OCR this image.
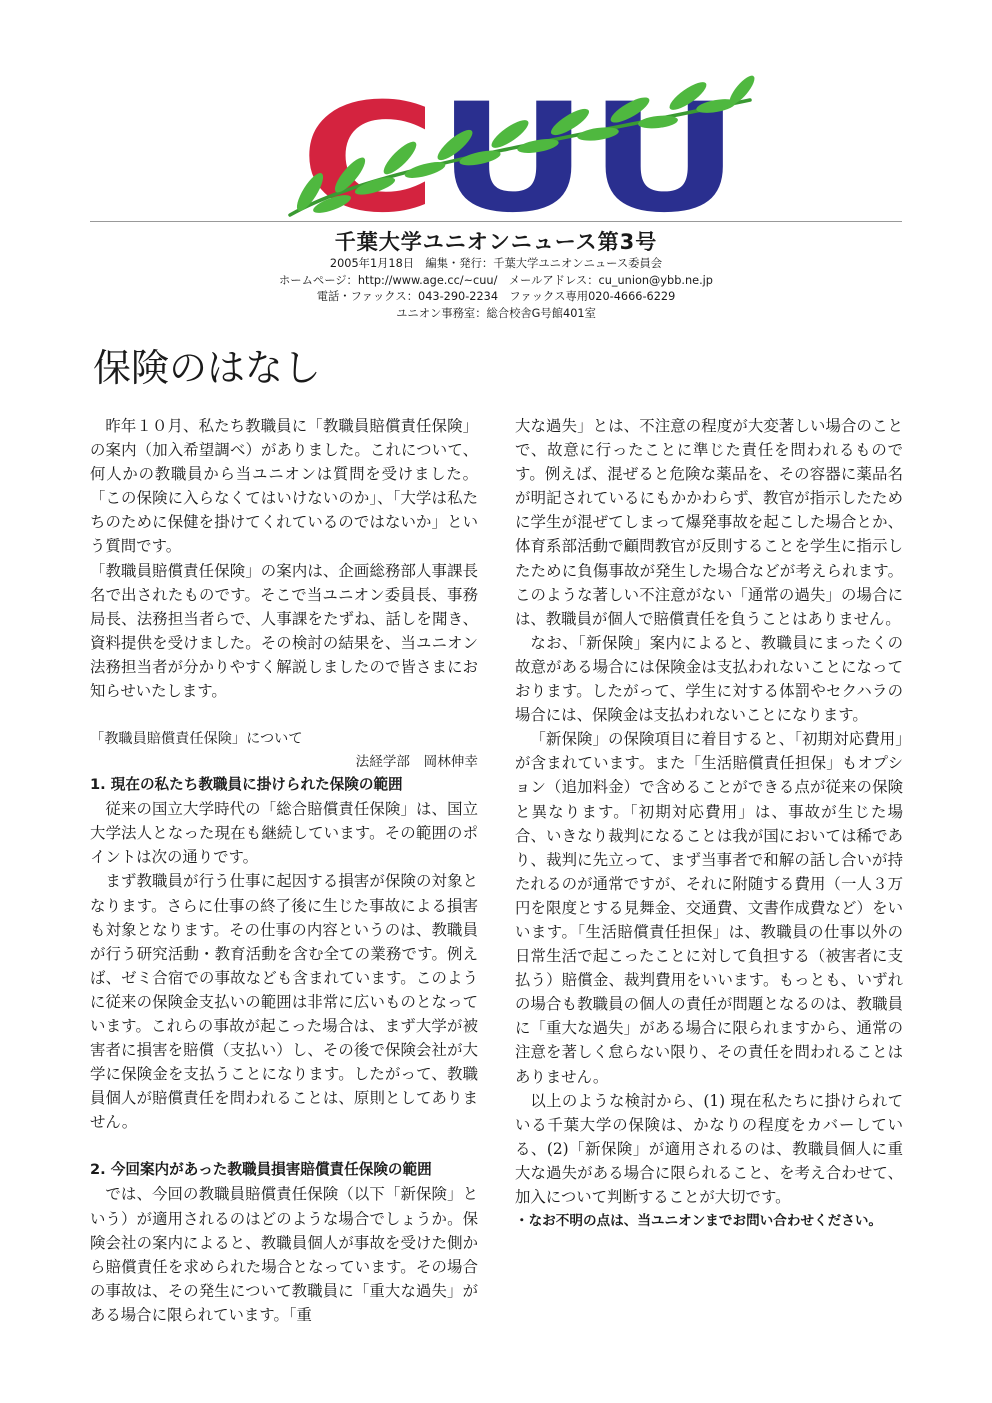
C U U
千葉大学ユニオンニュース第3号
2005年1月18日　編集・発行：千葉大学ユニオンニュース委員会
ホームページ：http://www.age.cc/~cuu/　メールアドレス：cu_union@ybb.ne.jp
電話・ファックス：043-290-2234　ファックス専用020-4666-6229
ユニオン事務室：総合校舎G号館401室
保険のはなし

昨年１０月、私たち教職員に「教職員賠償責任保険」の案内（加入希望調べ）がありました。これについて、何人かの教職員から当ユニオンは質問を受けました。「この保険に入らなくてはいけないのか」、「大学は私たちのために保健を掛けてくれているのではないか」という質問です。

「教職員賠償責任保険」の案内は、企画総務部人事課長名で出されたものです。そこで当ユニオン委員長、事務局長、法務担当者らで、人事課をたずね、話しを聞き、資料提供を受けました。その検討の結果を、当ユニオン法務担当者が分かりやすく解説しましたので皆さまにお知らせいたします。

「教職員賠償責任保険」について
法経学部　岡林伸幸
1. 現在の私たち教職員に掛けられた保険の範囲

従来の国立大学時代の「総合賠償責任保険」は、国立大学法人となった現在も継続しています。その範囲のポイントは次の通りです。

まず教職員が行う仕事に起因する損害が保険の対象となります。さらに仕事の終了後に生じた事故による損害も対象となります。その仕事の内容というのは、教職員が行う研究活動・教育活動を含む全ての業務です。例えば、ゼミ合宿での事故なども含まれています。このように従来の保険金支払いの範囲は非常に広いものとなっています。これらの事故が起こった場合は、まず大学が被害者に損害を賠償（支払い）し、その後で保険会社が大学に保険金を支払うことになります。したがって、教職員個人が賠償責任を問われることは、原則としてありません。

2. 今回案内があった教職員損害賠償責任保険の範囲

では、今回の教職員賠償責任保険（以下「新保険」という）が適用されるのはどのような場合でしょうか。保険会社の案内によると、教職員個人が事故を受けた側から賠償責任を求められた場合となっています。その場合の事故は、その発生について教職員に「重大な過失」がある場合に限られています。「重

大な過失」とは、不注意の程度が大変著しい場合のことで、故意に行ったことに準じた責任を問われるものです。例えば、混ぜると危険な薬品を、その容器に薬品名が明記されているにもかかわらず、教官が指示したために学生が混ぜてしまって爆発事故を起こした場合とか、体育系部活動で顧問教官が反則することを学生に指示したために負傷事故が発生した場合などが考えられます。このような著しい不注意がない「通常の過失」の場合には、教職員が個人で賠償責任を負うことはありません。

なお、「新保険」案内によると、教職員にまったくの故意がある場合には保険金は支払われないことになっております。したがって、学生に対する体罰やセクハラの場合には、保険金は支払われないことになります。

「新保険」の保険項目に着目すると、「初期対応費用」が含まれています。また「生活賠償責任担保」もオプション（追加料金）で含めることができる点が従来の保険と異なります。「初期対応費用」は、事故が生じた場合、いきなり裁判になることは我が国においては稀であり、裁判に先立って、まず当事者で和解の話し合いが持たれるのが通常ですが、それに附随する費用（一人３万円を限度とする見舞金、交通費、文書作成費など）をいいます。「生活賠償責任担保」は、教職員の仕事以外の日常生活で起こったことに対して負担する（被害者に支払う）賠償金、裁判費用をいいます。もっとも、いずれの場合も教職員の個人の責任が問題となるのは、教職員に「重大な過失」がある場合に限られますから、通常の注意を著しく怠らない限り、その責任を問われることはありません。

以上のような検討から、(1) 現在私たちに掛けられている千葉大学の保険は、かなりの程度をカバーしている、(2)「新保険」が適用されるのは、教職員個人に重大な過失がある場合に限られること、を考え合わせて、加入について判断することが大切です。

・なお不明の点は、当ユニオンまでお問い合わせください。
